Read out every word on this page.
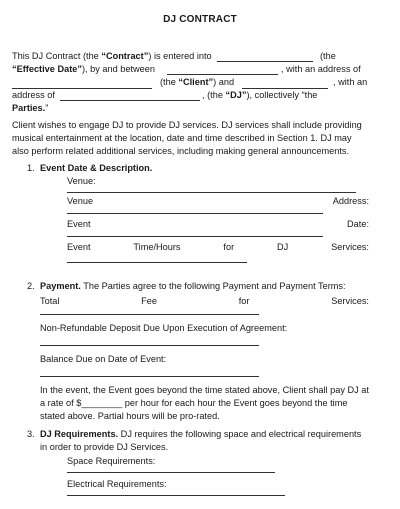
DJ CONTRACT
This DJ Contract (the “Contract”) is entered into	(the
“Effective Date”), by and between	, with an address of
(the “Client”) and	, with an
address of	, (the “DJ”), collectively “the
Parties.”
Client wishes to engage DJ to provide DJ services. DJ services shall include providing
musical entertainment at the location, date and time described in Section 1. DJ may
also perform related additional services, including making general announcements.
1. Event Date & Description.
Venue:
Venue	Address:
Event	Date:
Event	Time/Hours	for	DJ	Services:
2. Payment. The Parties agree to the following Payment and Payment Terms:
Total	Fee	for	Services:
Non-Refundable Deposit Due Upon Execution of Agreement:
Balance Due on Date of Event:
In the event, the Event goes beyond the time stated above, Client shall pay DJ at
a rate of $________ per hour for each hour the Event goes beyond the time
stated above. Partial hours will be pro-rated.
3. DJ Requirements. DJ requires the following space and electrical requirements
in order to provide DJ Services.
Space Requirements:
Electrical Requirements:
